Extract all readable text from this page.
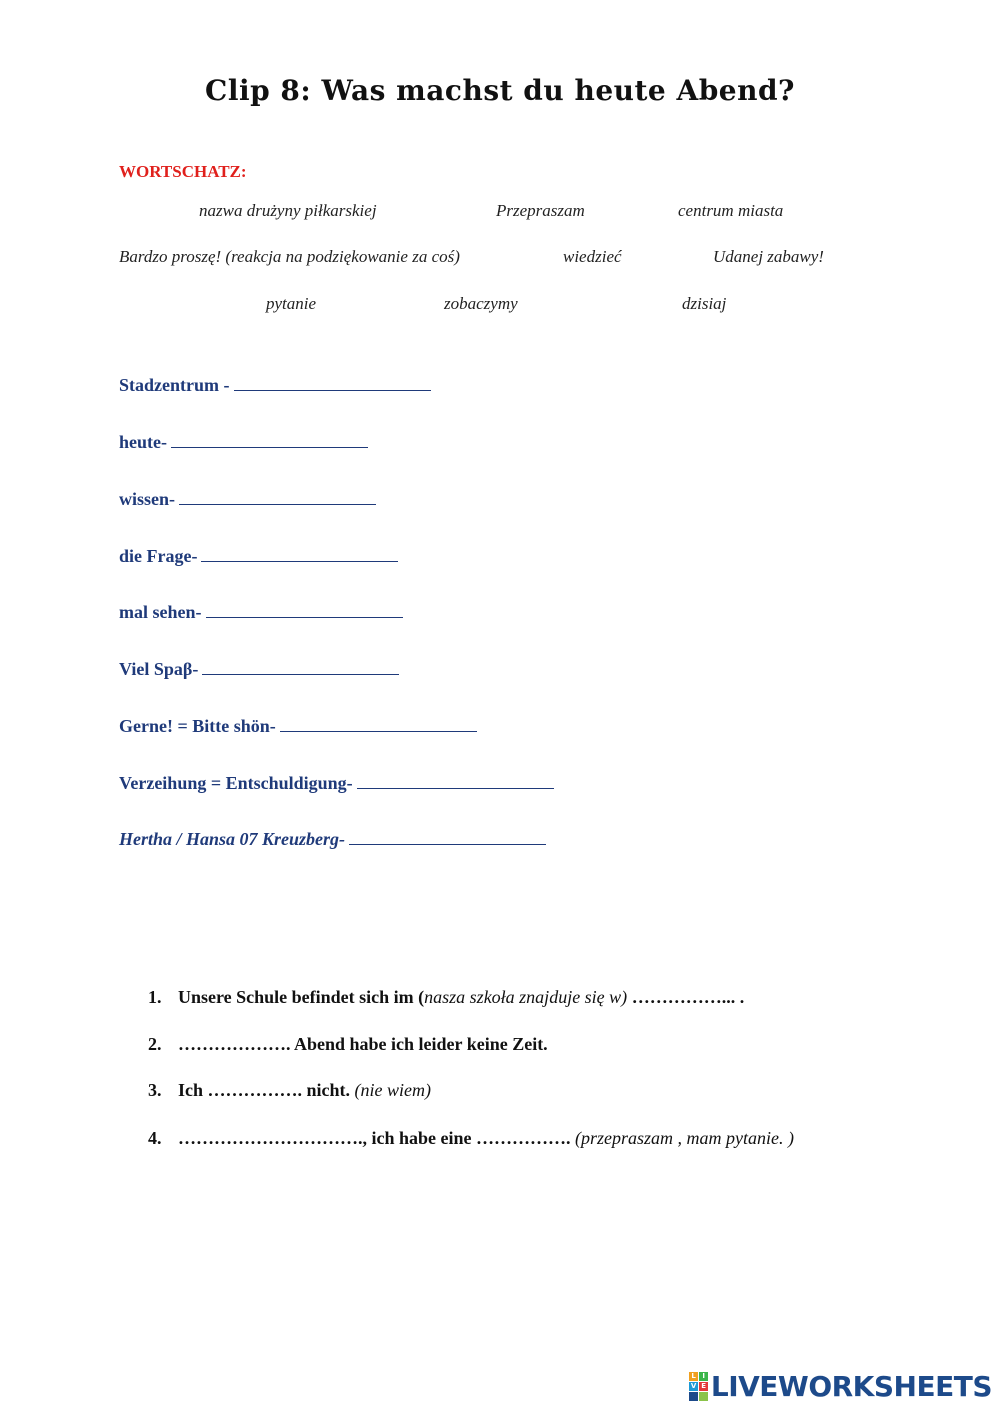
Clip 8: Was machst du heute Abend?
WORTSCHATZ:
nazwa drużyny piłkarskiej	Przepraszam	centrum miasta
Bardzo proszę! (reakcja na podziękowanie za coś)	wiedzieć	Udanej zabawy!
pytanie	zobaczymy	dzisiaj
Stadzentrum -
heute-
wissen-
die Frage-
mal sehen-
Viel Spaβ-
Gerne! = Bitte shön-
Verzeihung = Entschuldigung-
Hertha / Hansa 07 Kreuzberg-
1. Unsere Schule befindet sich im (nasza szkoła znajduje się w) ……………... .
2. ………………. Abend habe ich leider keine Zeit.
3. Ich ……………. nicht. (nie wiem)
4. …………………………., ich habe eine ……………. (przepraszam , mam pytanie. )
L I
V E LIVEWORKSHEETS
